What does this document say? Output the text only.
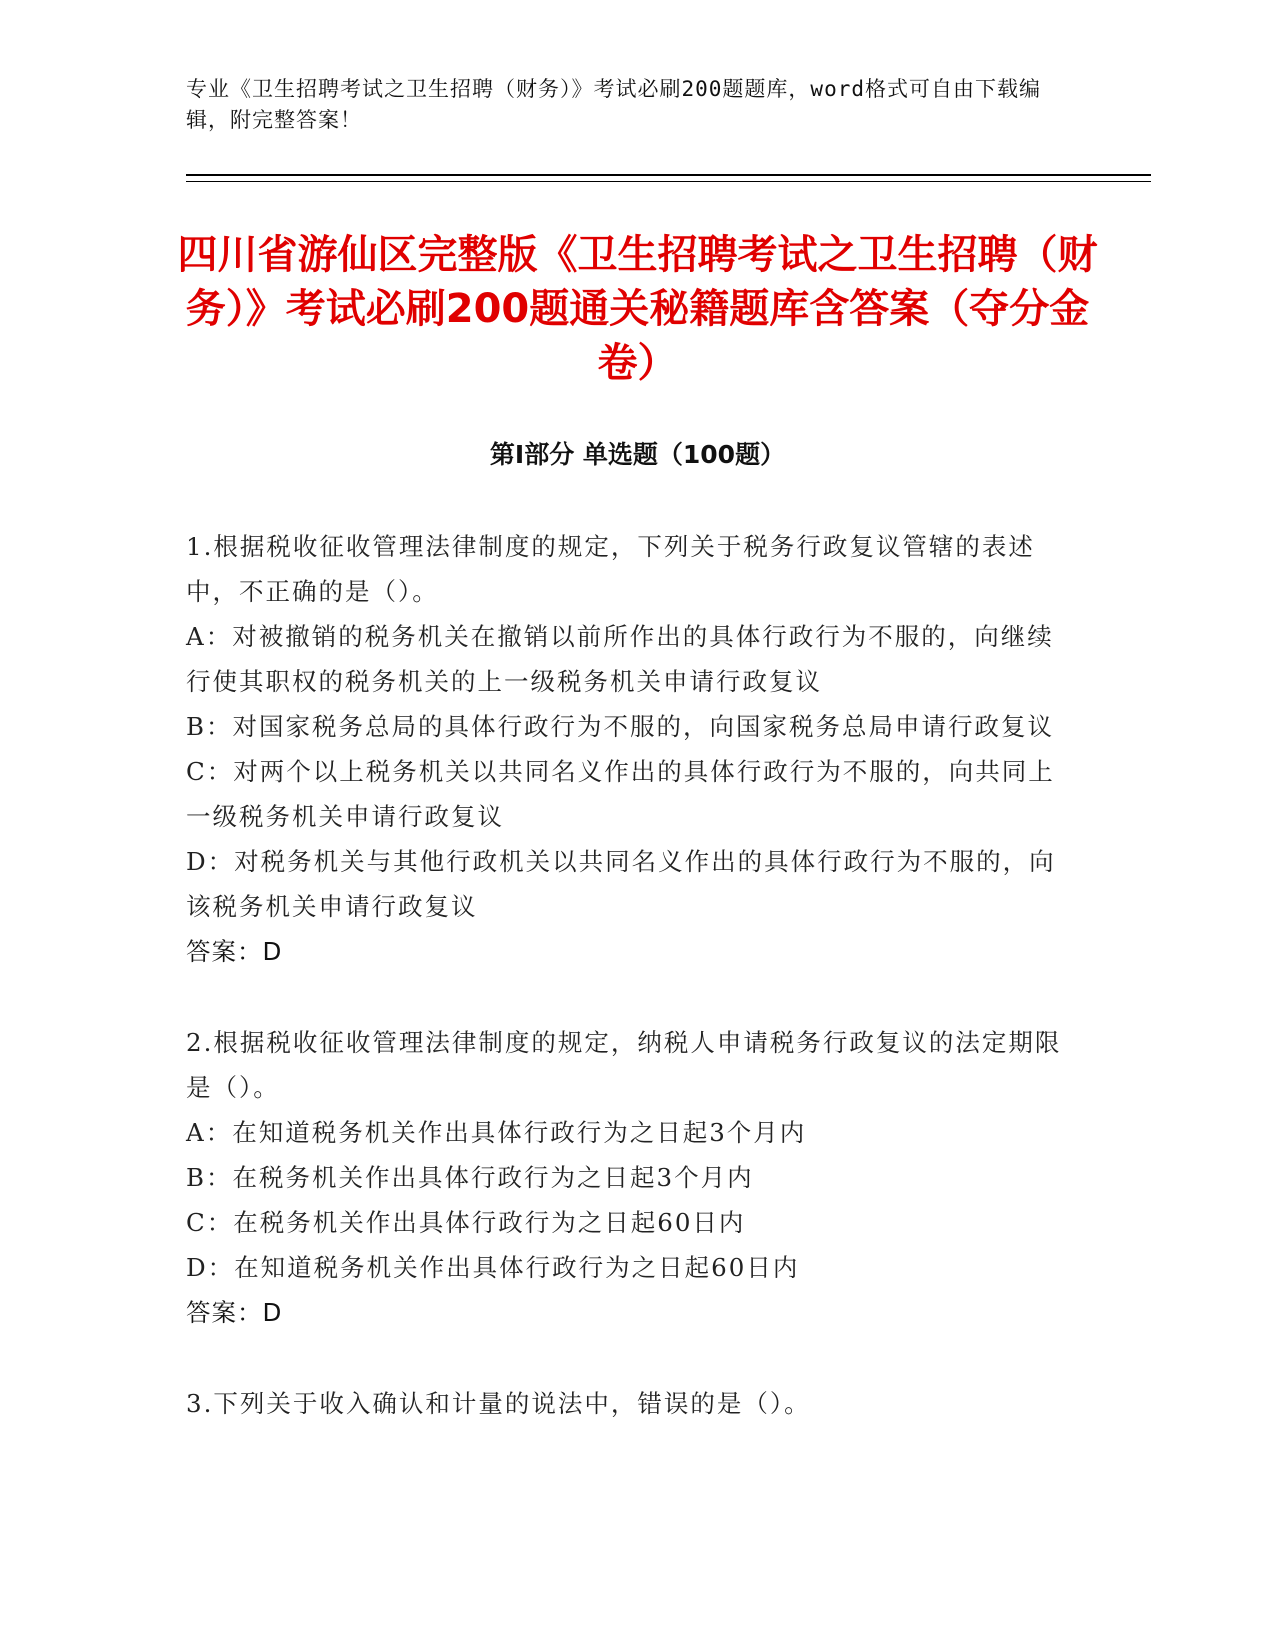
专业《卫生招聘考试之卫生招聘（财务）》考试必刷200题题库，word格式可自由下载编辑，附完整答案！
四川省游仙区完整版《卫生招聘考试之卫生招聘（财务）》考试必刷200题通关秘籍题库含答案（夺分金卷）
第Ⅰ部分 单选题（100题）

1.根据税收征收管理法律制度的规定，下列关于税务行政复议管辖的表述中，不正确的是（）。

A：对被撤销的税务机关在撤销以前所作出的具体行政行为不服的，向继续行使其职权的税务机关的上一级税务机关申请行政复议

B：对国家税务总局的具体行政行为不服的，向国家税务总局申请行政复议

C：对两个以上税务机关以共同名义作出的具体行政行为不服的，向共同上一级税务机关申请行政复议

D：对税务机关与其他行政机关以共同名义作出的具体行政行为不服的，向该税务机关申请行政复议

答案：D

2.根据税收征收管理法律制度的规定，纳税人申请税务行政复议的法定期限是（）。

A：在知道税务机关作出具体行政行为之日起3个月内

B：在税务机关作出具体行政行为之日起3个月内

C：在税务机关作出具体行政行为之日起60日内

D：在知道税务机关作出具体行政行为之日起60日内

答案：D

3.下列关于收入确认和计量的说法中，错误的是（）。
